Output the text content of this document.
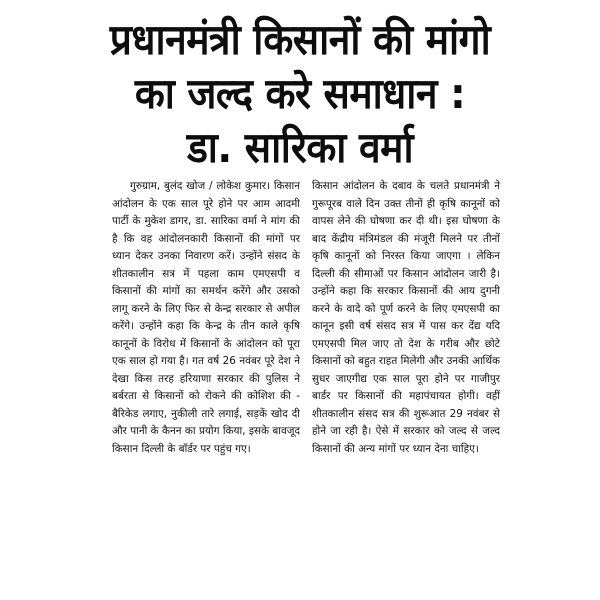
प्रधानमंत्री किसानों की मांगो
का जल्द करे समाधान :
डा. सारिका वर्मा

गुरुग्राम, बुलंद खोज / लोकेश कुमार। किसान आंदोलन के एक साल पूरे होने पर आम आदमी पार्टी के मुकेश डागर, डा. सारिका वर्मा ने मांग की है कि वह आंदोलनकारी किसानों की मांगों पर ध्यान देकर उनका निवारण करें। उन्होंने संसद के शीतकालीन सत्र में पहला काम एमएसपी व किसानों की मांगों का समर्थन करेंगे और उसको लागू करने के लिए फिर से केन्द्र सरकार से अपील करेंगे। उन्होंने कहा कि केन्द्र के तीन काले कृषि कानूनों के विरोध में किसानों के आंदोलन को पूरा एक साल हो गया है। गत वर्ष 26 नवंबर पूरे देश ने देखा किस तरह हरियाणा सरकार की पुलिस ने बर्बरता से किसानों को रोकने की कोशिश की - बैरिकेड लगाए, नुकीली तारे लगाई, सड़कें खोद दी और पानी के कैनन का प्रयोग किया, इसके बावजूद किसान दिल्ली के बॉर्डर पर पहुंच गए।

किसान आंदोलन के दबाव के चलते प्रधानमंत्री ने गुरूपूरब वाले दिन उक्त तीनों ही कृषि कानूनों को वापस लेने की घोषणा कर दी थी। इस घोषणा के बाद केंद्रीय मंत्रिमंडल की मंजूरी मिलने पर तीनों कृषि कानूनों को निरस्त किया जाएगा । लेकिन दिल्ली की सीमाओं पर किसान आंदोलन जारी है। उन्होंने कहा कि सरकार किसानों की आय दुगनी करने के वादे को पूर्ण करने के लिए एमएसपी का कानून इसी वर्ष संसद सत्र में पास कर देंद्य यदि एमएसपी मिल जाए तो देश के गरीब और छोटे किसानों को बहुत राहत मिलेगी और उनकी आर्थिक सुधर जाएगीद्य एक साल पूरा होने पर गाजीपुर बार्डर पर किसानों की महापंचायत होगी। वहीं शीतकालीन संसद सत्र की शुरूआत 29 नवंबर से होने जा रही है। ऐसे में सरकार को जल्द से जल्द किसानों की अन्य मांगों पर ध्यान देना चाहिए।
